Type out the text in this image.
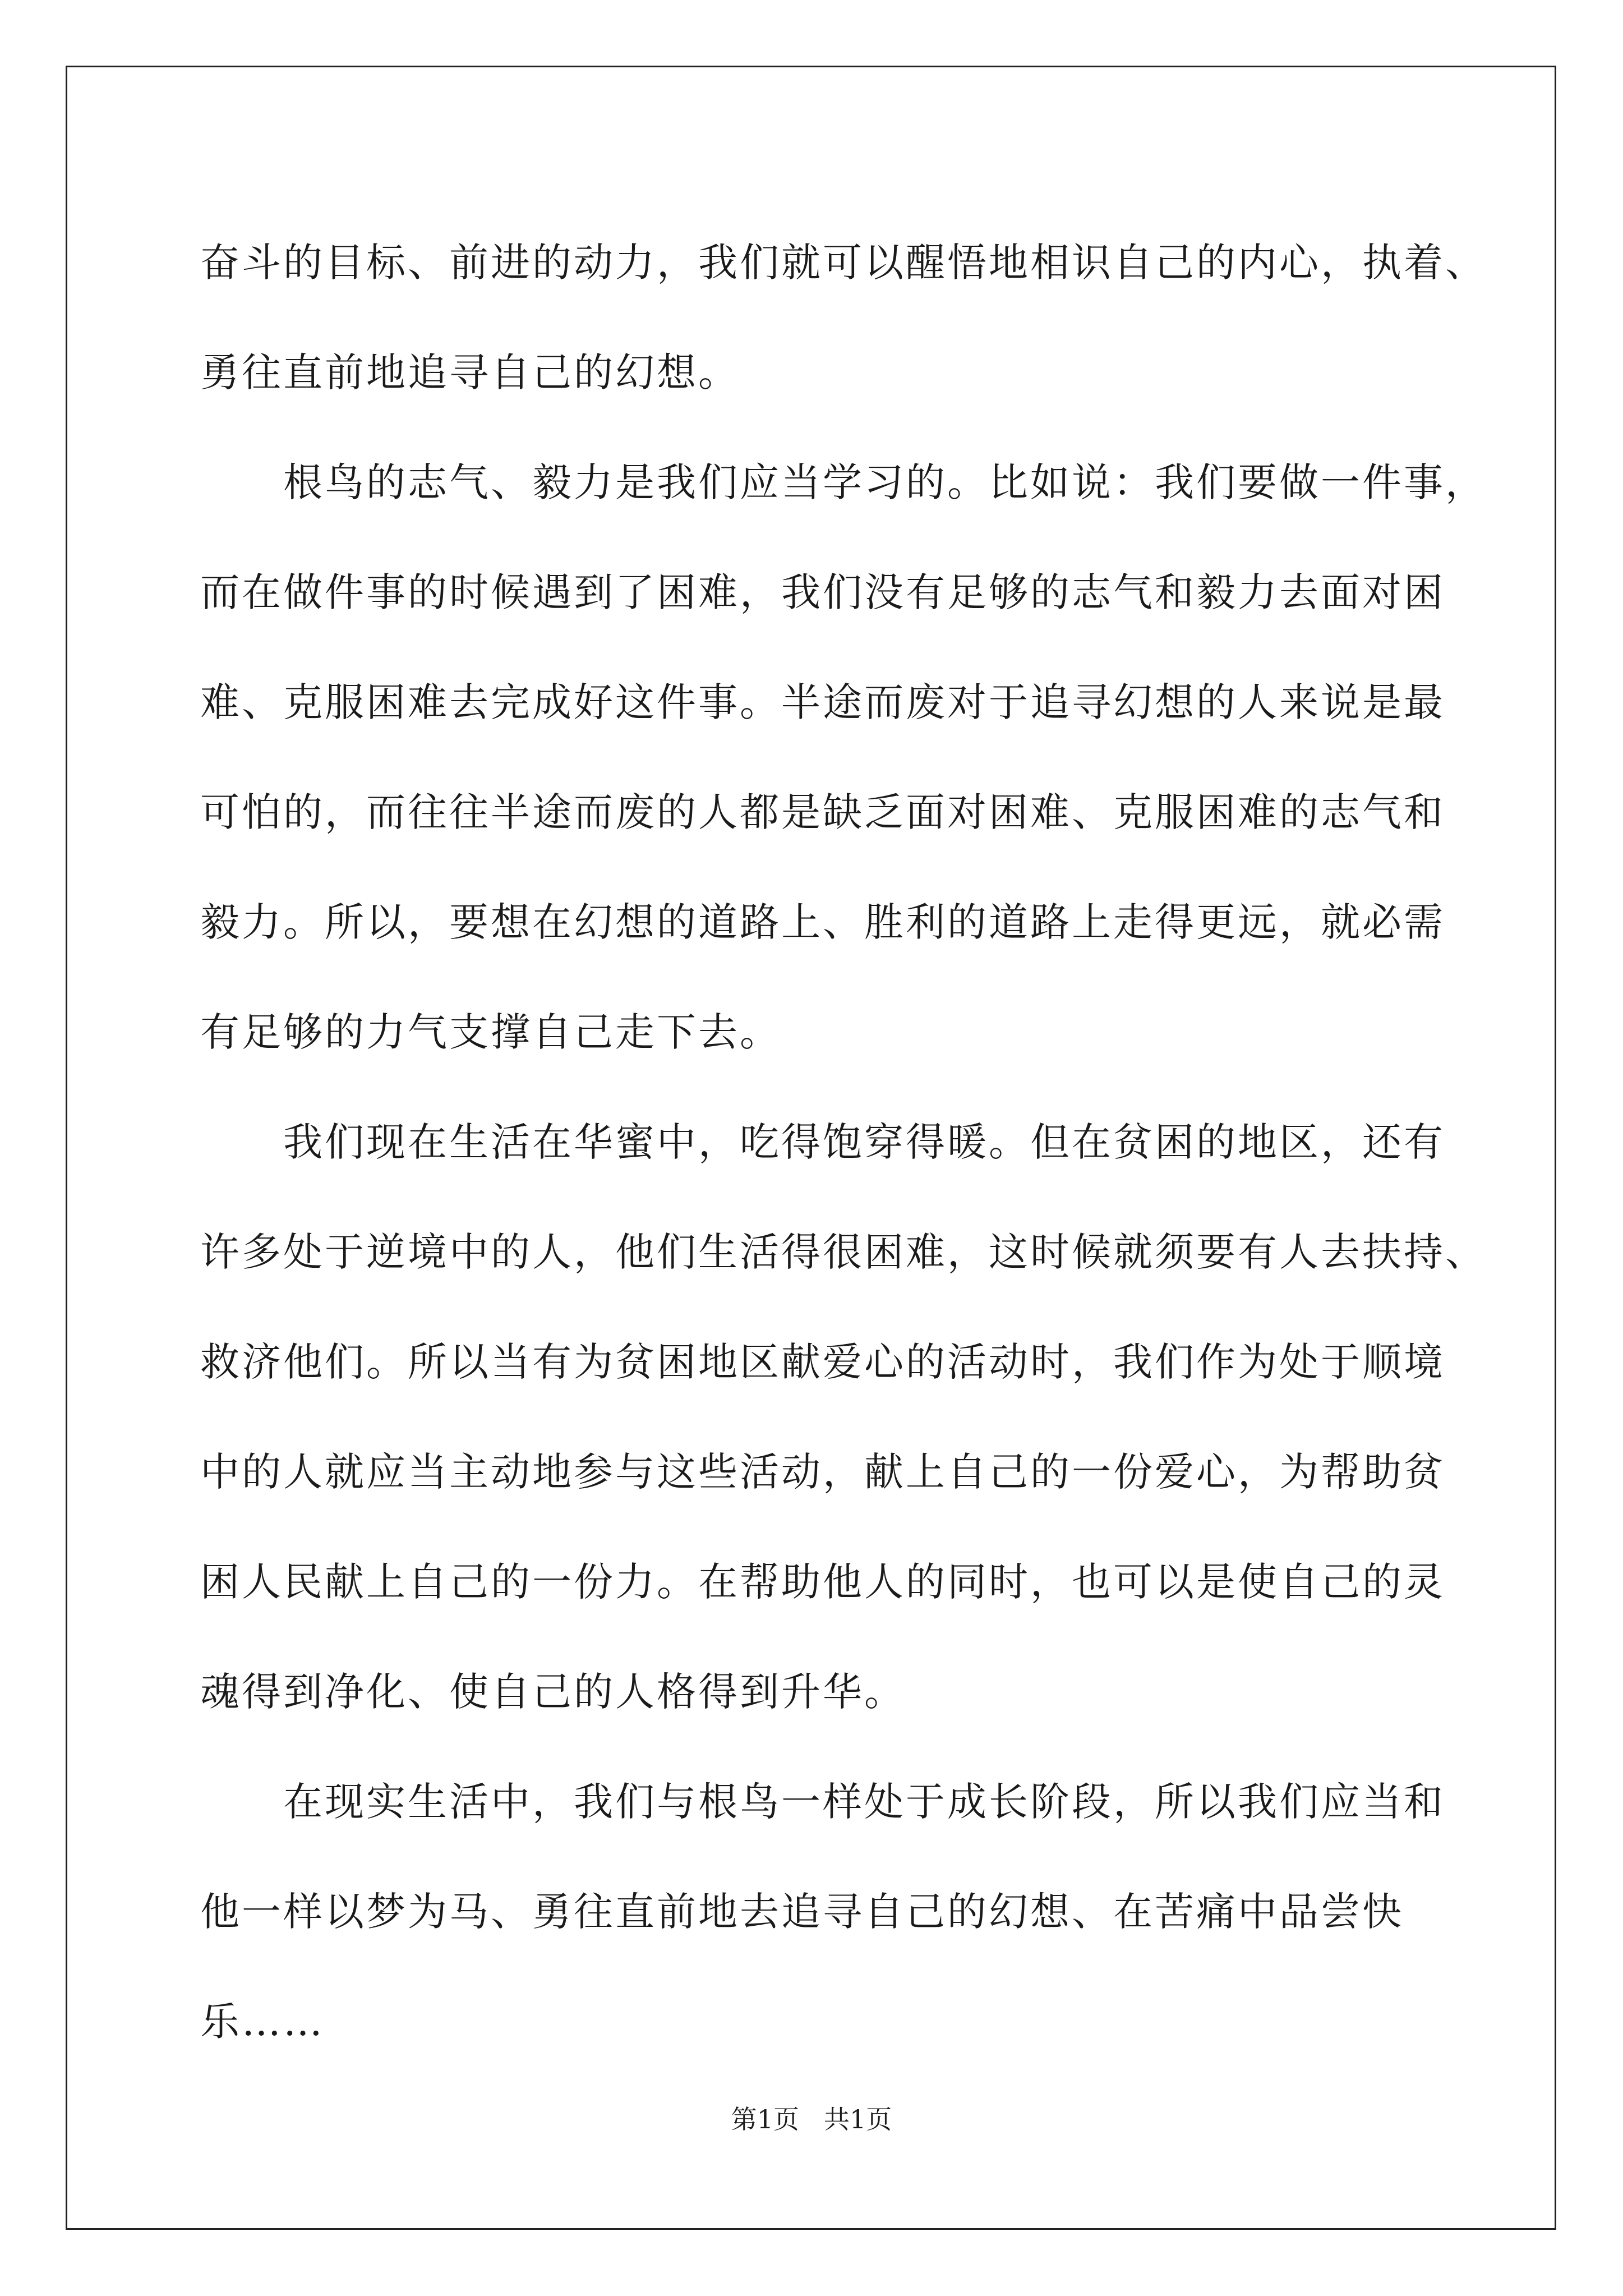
奋斗的目标、前进的动力，我们就可以醒悟地相识自己的内心，执着、
勇往直前地追寻自己的幻想。
根鸟的志气、毅力是我们应当学习的。比如说：我们要做一件事，
而在做件事的时候遇到了困难，我们没有足够的志气和毅力去面对困
难、克服困难去完成好这件事。半途而废对于追寻幻想的人来说是最
可怕的，而往往半途而废的人都是缺乏面对困难、克服困难的志气和
毅力。所以，要想在幻想的道路上、胜利的道路上走得更远，就必需
有足够的力气支撑自己走下去。
我们现在生活在华蜜中，吃得饱穿得暖。但在贫困的地区，还有
许多处于逆境中的人，他们生活得很困难，这时候就须要有人去扶持、
救济他们。所以当有为贫困地区献爱心的活动时，我们作为处于顺境
中的人就应当主动地参与这些活动，献上自己的一份爱心，为帮助贫
困人民献上自己的一份力。在帮助他人的同时，也可以是使自己的灵
魂得到净化、使自己的人格得到升华。
在现实生活中，我们与根鸟一样处于成长阶段，所以我们应当和
他一样以梦为马、勇往直前地去追寻自己的幻想、在苦痛中品尝快
乐……
第1页 共1页
